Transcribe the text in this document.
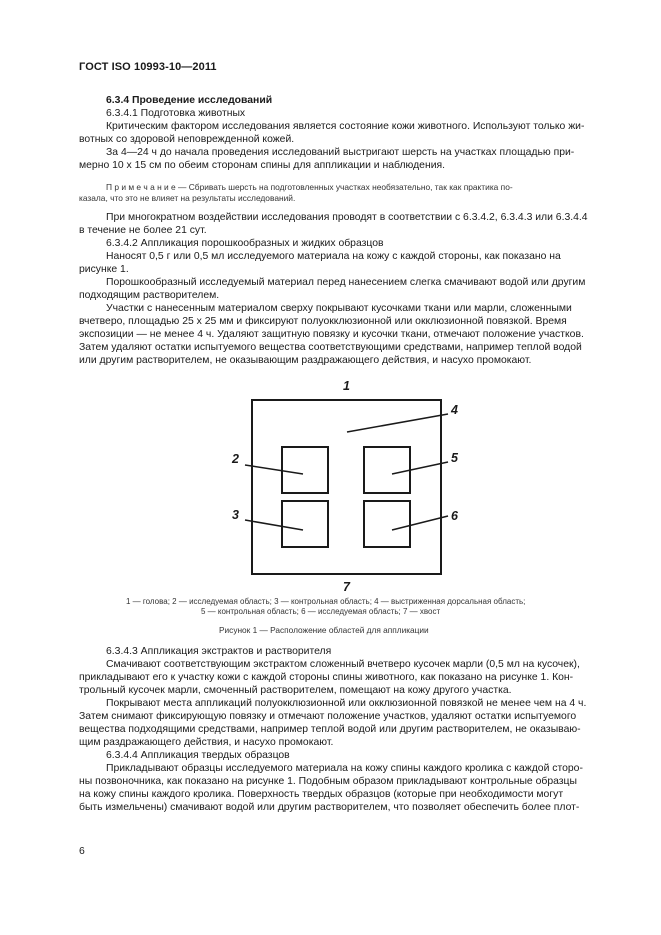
ГОСТ ISO 10993-10—2011
6.3.4 Проведение исследований
6.3.4.1 Подготовка животных
Критическим фактором исследования является состояние кожи животного. Используют только жи-
вотных со здоровой неповрежденной кожей.
За 4—24 ч до начала проведения исследований выстригают шерсть на участках площадью при-
мерно 10 x 15 см по обеим сторонам спины для аппликации и наблюдения.
П р и м е ч а н и е — Сбривать шерсть на подготовленных участках необязательно, так как практика по-
казала, что это не влияет на результаты исследований.
При многократном воздействии исследования проводят в соответствии с 6.3.4.2, 6.3.4.3 или 6.3.4.4
в течение не более 21 сут.
6.3.4.2 Аппликация порошкообразных и жидких образцов
Наносят 0,5 г или 0,5 мл исследуемого материала на кожу с каждой стороны, как показано на
рисунке 1.
Порошкообразный исследуемый материал перед нанесением слегка смачивают водой или другим
подходящим растворителем.
Участки с нанесенным материалом сверху покрывают кусочками ткани или марли, сложенными
вчетверо, площадью 25 x 25 мм и фиксируют полуокклюзионной или окклюзионной повязкой. Время
экспозиции — не менее 4 ч. Удаляют защитную повязку и кусочки ткани, отмечают положение участков.
Затем удаляют остатки испытуемого вещества соответствующими средствами, например теплой водой
или другим растворителем, не оказывающим раздражающего действия, и насухо промокают.
1
2
3
4
5
6
7
1 — голова; 2 — исследуемая область; 3 — контрольная область; 4 — выстриженная дорсальная область;
5 — контрольная область; 6 — исследуемая область; 7 — хвост
Рисунок 1 — Расположение областей для аппликации
6.3.4.3 Аппликация экстрактов и растворителя
Смачивают соответствующим экстрактом сложенный вчетверо кусочек марли (0,5 мл на кусочек),
прикладывают его к участку кожи с каждой стороны спины животного, как показано на рисунке 1. Кон-
трольный кусочек марли, смоченный растворителем, помещают на кожу другого участка.
Покрывают места аппликаций полуокклюзионной или окклюзионной повязкой не менее чем на 4 ч.
Затем снимают фиксирующую повязку и отмечают положение участков, удаляют остатки испытуемого
вещества подходящими средствами, например теплой водой или другим растворителем, не оказываю-
щим раздражающего действия, и насухо промокают.
6.3.4.4 Аппликация твердых образцов
Прикладывают образцы исследуемого материала на кожу спины каждого кролика с каждой сторо-
ны позвоночника, как показано на рисунке 1. Подобным образом прикладывают контрольные образцы
на кожу спины каждого кролика. Поверхность твердых образцов (которые при необходимости могут
быть измельчены) смачивают водой или другим растворителем, что позволяет обеспечить более плот-
6
